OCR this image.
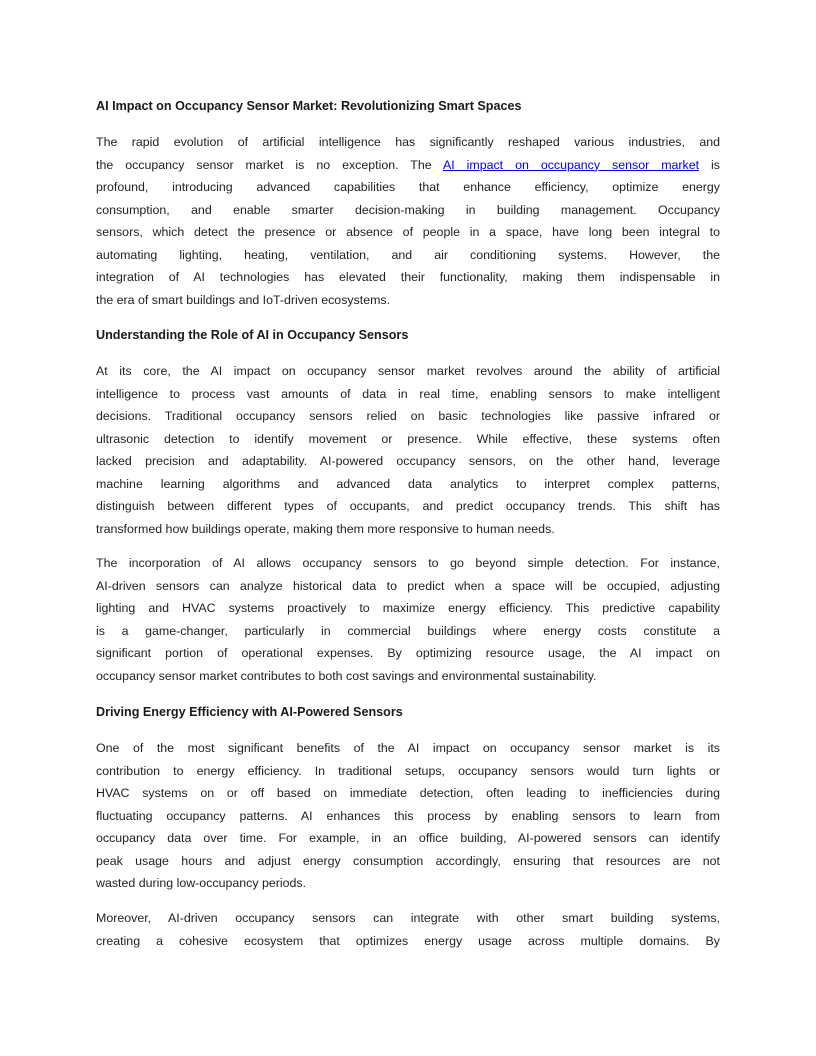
AI Impact on Occupancy Sensor Market: Revolutionizing Smart Spaces
The rapid evolution of artificial intelligence has significantly reshaped various industries, and
the occupancy sensor market is no exception. The AI impact on occupancy sensor market is
profound, introducing advanced capabilities that enhance efficiency, optimize energy
consumption, and enable smarter decision-making in building management. Occupancy
sensors, which detect the presence or absence of people in a space, have long been integral to
automating lighting, heating, ventilation, and air conditioning systems. However, the
integration of AI technologies has elevated their functionality, making them indispensable in
the era of smart buildings and IoT-driven ecosystems.
Understanding the Role of AI in Occupancy Sensors
At its core, the AI impact on occupancy sensor market revolves around the ability of artificial
intelligence to process vast amounts of data in real time, enabling sensors to make intelligent
decisions. Traditional occupancy sensors relied on basic technologies like passive infrared or
ultrasonic detection to identify movement or presence. While effective, these systems often
lacked precision and adaptability. AI-powered occupancy sensors, on the other hand, leverage
machine learning algorithms and advanced data analytics to interpret complex patterns,
distinguish between different types of occupants, and predict occupancy trends. This shift has
transformed how buildings operate, making them more responsive to human needs.
The incorporation of AI allows occupancy sensors to go beyond simple detection. For instance,
AI-driven sensors can analyze historical data to predict when a space will be occupied, adjusting
lighting and HVAC systems proactively to maximize energy efficiency. This predictive capability
is a game-changer, particularly in commercial buildings where energy costs constitute a
significant portion of operational expenses. By optimizing resource usage, the AI impact on
occupancy sensor market contributes to both cost savings and environmental sustainability.
Driving Energy Efficiency with AI-Powered Sensors
One of the most significant benefits of the AI impact on occupancy sensor market is its
contribution to energy efficiency. In traditional setups, occupancy sensors would turn lights or
HVAC systems on or off based on immediate detection, often leading to inefficiencies during
fluctuating occupancy patterns. AI enhances this process by enabling sensors to learn from
occupancy data over time. For example, in an office building, AI-powered sensors can identify
peak usage hours and adjust energy consumption accordingly, ensuring that resources are not
wasted during low-occupancy periods.
Moreover, AI-driven occupancy sensors can integrate with other smart building systems,
creating a cohesive ecosystem that optimizes energy usage across multiple domains. By
